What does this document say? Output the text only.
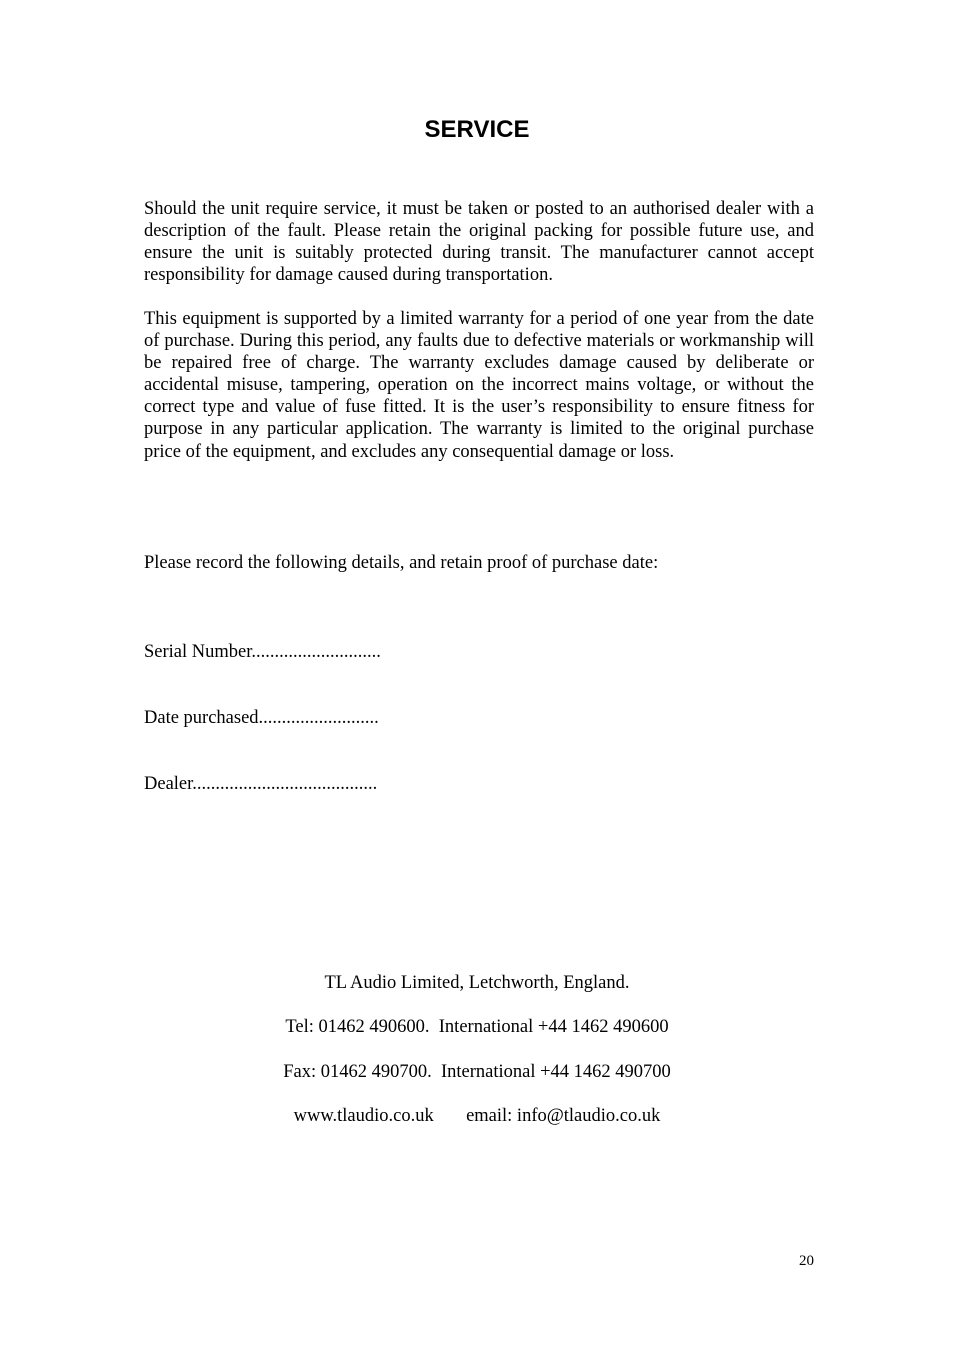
SERVICE

Should the unit require service, it must be taken or posted to an authorised dealer with a description of the fault. Please retain the original packing for possible future use, and ensure the unit is suitably protected during transit. The manufacturer cannot accept responsibility for damage caused during transportation.

This equipment is supported by a limited warranty for a period of one year from the date of purchase. During this period, any faults due to defective materials or workmanship will be repaired free of charge. The warranty excludes damage caused by deliberate or accidental misuse, tampering, operation on the incorrect mains voltage, or without the correct type and value of fuse fitted. It is the user’s responsibility to ensure fitness for purpose in any particular application. The warranty is limited to the original purchase price of the equipment, and excludes any consequential damage or loss.

Please record the following details, and retain proof of purchase date:

Serial Number............................

Date purchased..........................

Dealer........................................

TL Audio Limited, Letchworth, England.

Tel: 01462 490600.  International +44 1462 490600

Fax: 01462 490700.  International +44 1462 490700

www.tlaudio.co.uk       email: info@tlaudio.co.uk

20
